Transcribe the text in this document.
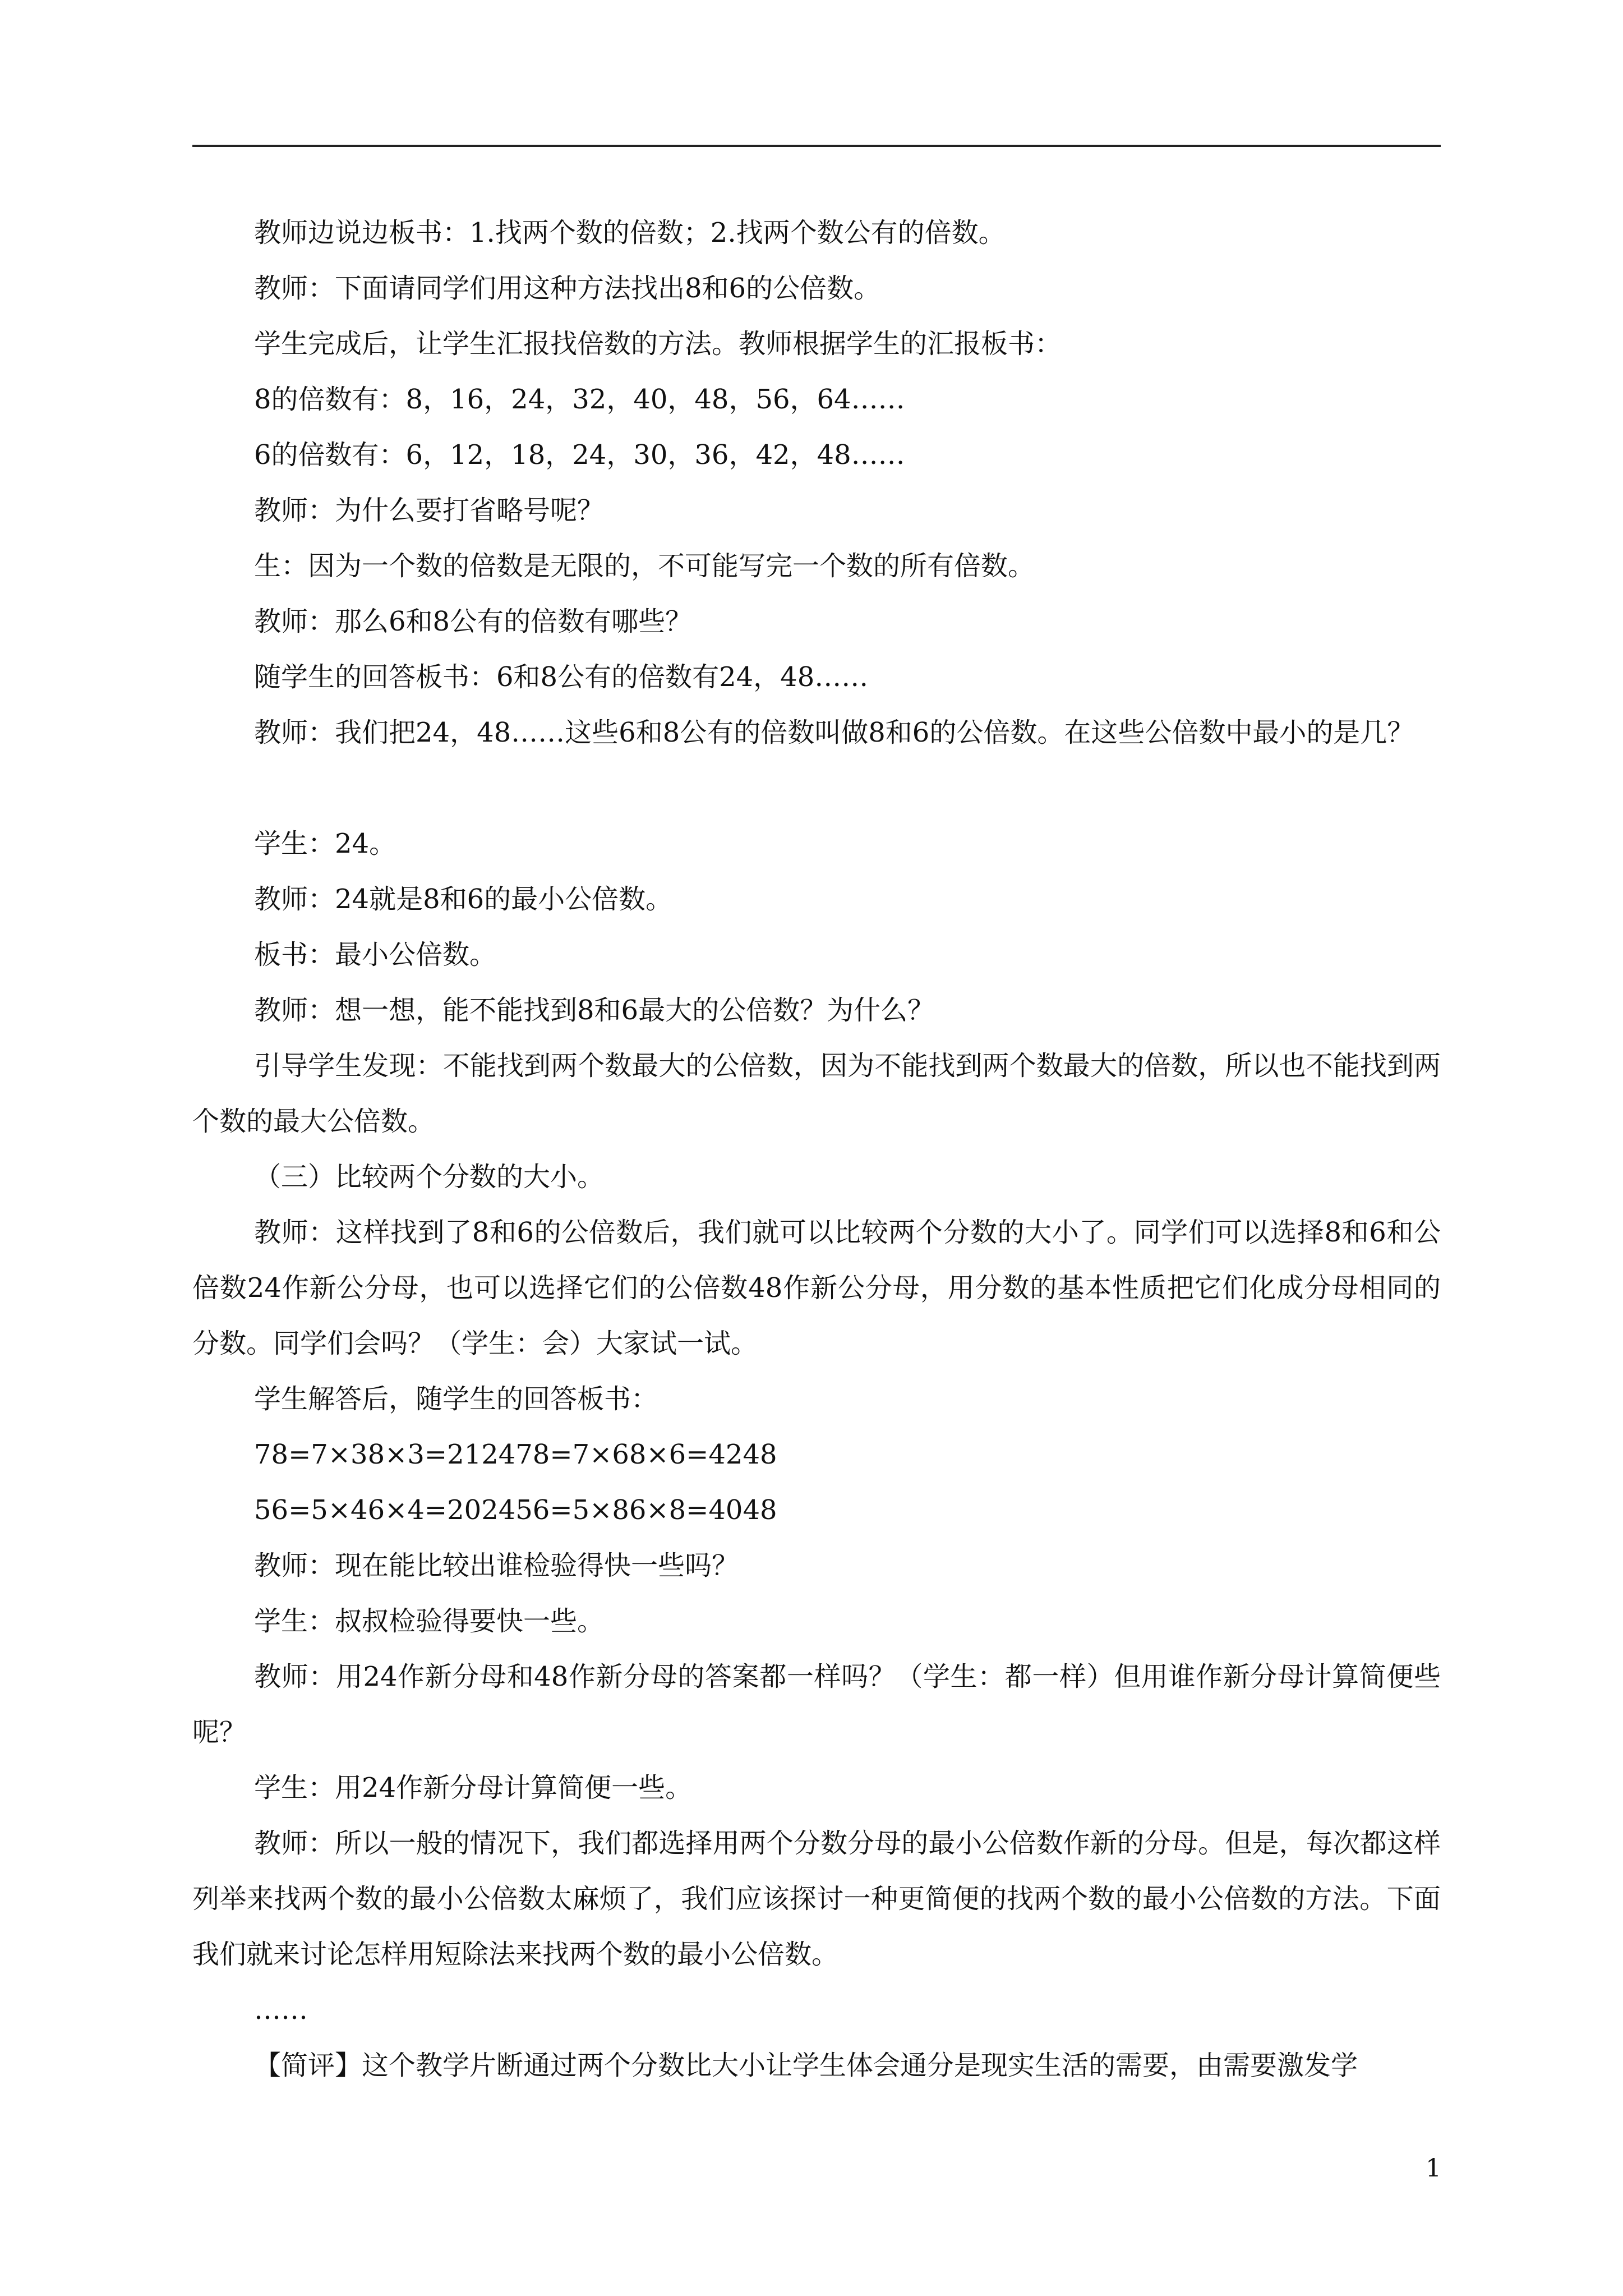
教师边说边板书：1.找两个数的倍数；2.找两个数公有的倍数。
教师：下面请同学们用这种方法找出8和6的公倍数。
学生完成后，让学生汇报找倍数的方法。教师根据学生的汇报板书：
8的倍数有：8，16，24，32，40，48，56，64……
6的倍数有：6，12，18，24，30，36，42，48……
教师：为什么要打省略号呢？
生：因为一个数的倍数是无限的，不可能写完一个数的所有倍数。
教师：那么6和8公有的倍数有哪些？
随学生的回答板书：6和8公有的倍数有24，48……
教师：我们把24，48……这些6和8公有的倍数叫做8和6的公倍数。在这些公倍数中最小的是几？
学生：24。
教师：24就是8和6的最小公倍数。
板书：最小公倍数。
教师：想一想，能不能找到8和6最大的公倍数？为什么？
引导学生发现：不能找到两个数最大的公倍数，因为不能找到两个数最大的倍数，所以也不能找到两个数的最大公倍数。
（三）比较两个分数的大小。
教师：这样找到了8和6的公倍数后，我们就可以比较两个分数的大小了。同学们可以选择8和6和公倍数24作新公分母，也可以选择它们的公倍数48作新公分母，用分数的基本性质把它们化成分母相同的分数。同学们会吗？（学生：会）大家试一试。
学生解答后，随学生的回答板书：
78=7×38×3=212478=7×68×6=4248
56=5×46×4=202456=5×86×8=4048
教师：现在能比较出谁检验得快一些吗？
学生：叔叔检验得要快一些。
教师：用24作新分母和48作新分母的答案都一样吗？（学生：都一样）但用谁作新分母计算简便些呢？
学生：用24作新分母计算简便一些。
教师：所以一般的情况下，我们都选择用两个分数分母的最小公倍数作新的分母。但是，每次都这样列举来找两个数的最小公倍数太麻烦了，我们应该探讨一种更简便的找两个数的最小公倍数的方法。下面我们就来讨论怎样用短除法来找两个数的最小公倍数。
……
【简评】这个教学片断通过两个分数比大小让学生体会通分是现实生活的需要，由需要激发学
1
